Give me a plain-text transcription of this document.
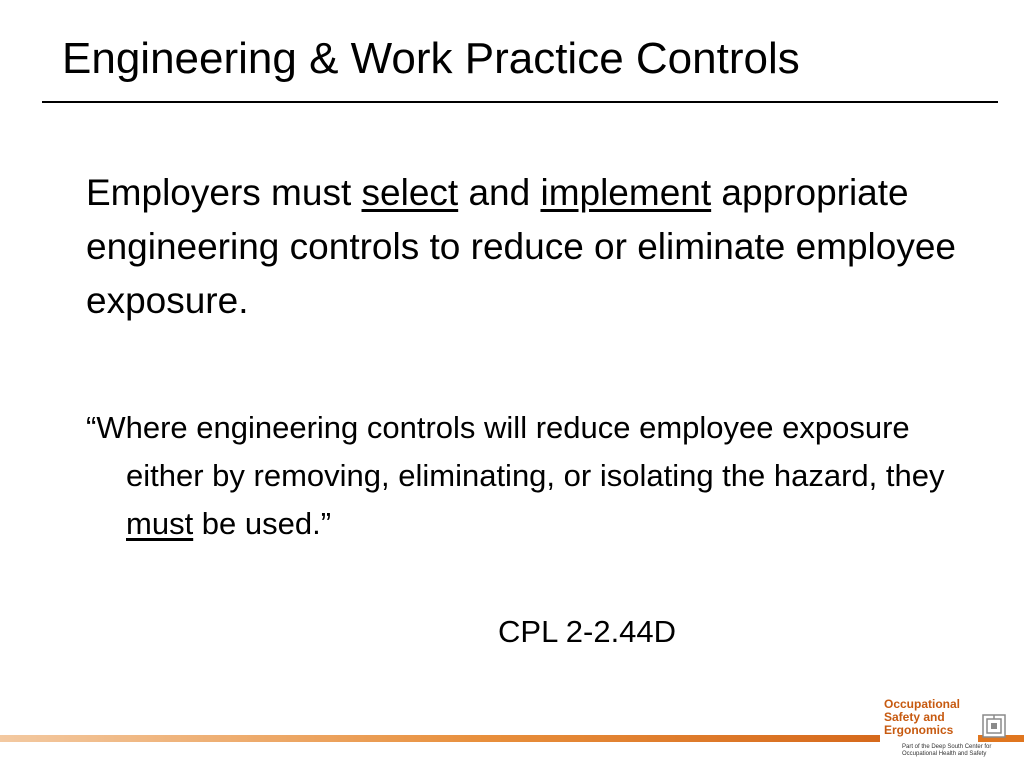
Engineering & Work Practice Controls

Employers must select and implement appropriate engineering controls to reduce or eliminate employee exposure.

“Where engineering controls will reduce employee exposure either by removing, eliminating, or isolating the hazard, they must be used.”

CPL 2-2.44D

Occupational
Safety and
Ergonomics

Part of the Deep South Center for
Occupational Health and Safety
